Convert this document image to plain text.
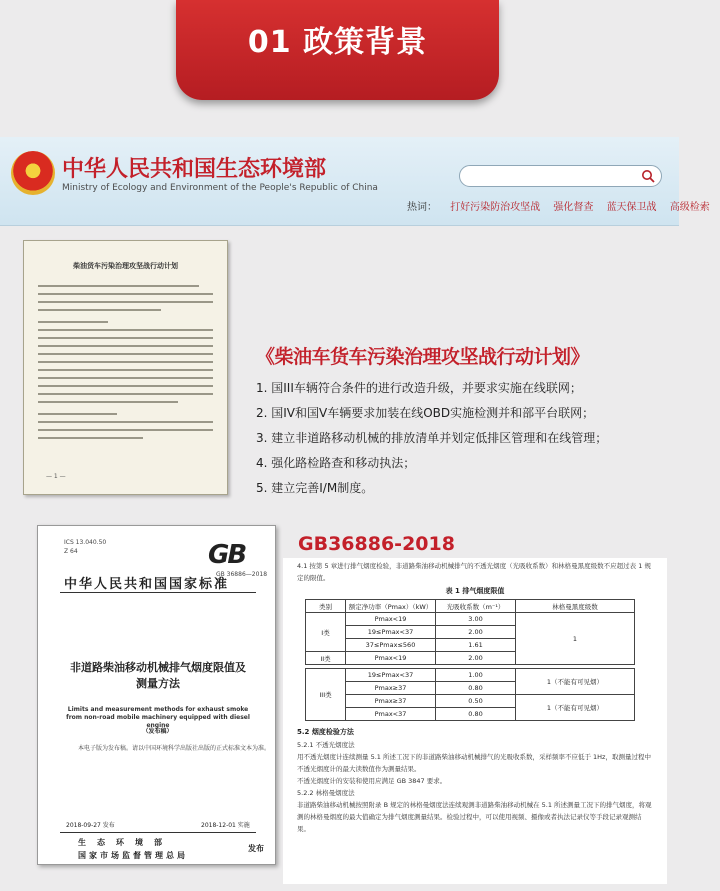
01 政策背景
中华人民共和国生态环境部
Ministry of Ecology and Environment of the People's Republic of China
热词： 打好污染防治攻坚战 强化督查 蓝天保卫战 高级检索
柴油货车污染治理攻坚战行动计划
— 1 —
《柴油车货车污染治理攻坚战行动计划》
1. 国III车辆符合条件的进行改造升级，并要求实施在线联网；
2. 国IV和国V车辆要求加装在线OBD实施检测并和部平台联网；
3. 建立非道路移动机械的排放清单并划定低排区管理和在线管理；
4. 强化路检路查和移动执法；
5. 建立完善I/M制度。
ICS 13.040.50
Z 64	GB
GB 36886—2018
中华人民共和国国家标准
非道路柴油移动机械排气烟度限值及测量方法
Limits and measurement methods for exhaust smoke from non-road mobile machinery equipped with diesel engine
（发布稿）
本电子版为发布稿。请以中国环境科学出版社出版的正式标准文本为准。
2018-09-27 发布	2018-12-01 实施
生态环境部
国家市场监督管理总局
发布
GB36886-2018
4.1 按第 5 章进行排气烟度检验，非道路柴油移动机械排气的不透光烟度（光吸收系数）和林格曼黑度级数不应超过表 1 规定的限值。
表 1 排气烟度限值
类别	额定净功率（Pmax）（kW）	光吸收系数（m⁻¹）	林格曼黑度级数
I类	Pmax<19	3.00	1
	19≤Pmax<37	2.00	
	37≤Pmax≤560	1.61	
II类	Pmax<19	2.00	

III类	19≤Pmax<37	1.00	1（不能有可见烟）
	Pmax≥37	0.80	
	Pmax≥37	0.50	1（不能有可见烟）
	Pmax<37	0.80	
5.2 烟度检验方法
5.2.1 不透光烟度法
用不透光烟度计连续测量 5.1 所述工况下的非道路柴油移动机械排气的光吸收系数，采样频率不应低于 1Hz，取测量过程中不透光烟度计的最大读数值作为测量结果。
不透光烟度计的安装和使用应满足 GB 3847 要求。
5.2.2 林格曼烟度法
非道路柴油移动机械按照附录 B 规定的林格曼烟度法连续观测非道路柴油移动机械在 5.1 所述测量工况下的排气烟度，将观测的林格曼烟度的最大值确定为排气烟度测量结果。检验过程中，可以使用视频、摄像或者执法记录仪等手段记录观测结果。
